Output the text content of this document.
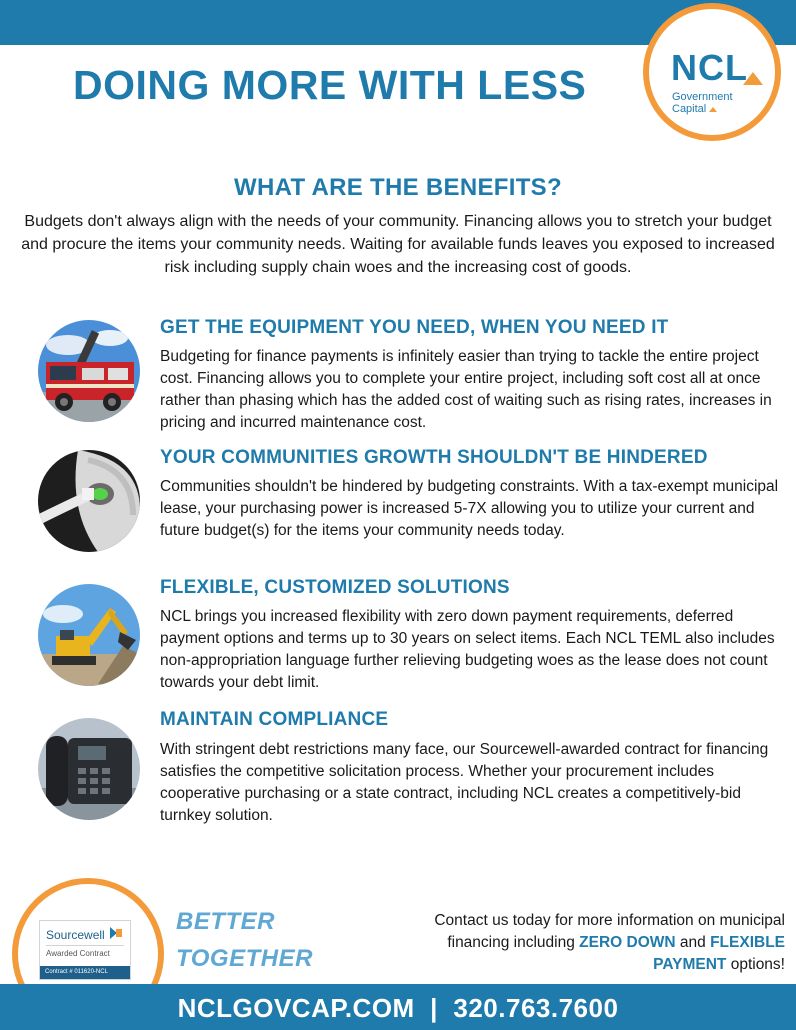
DOING MORE WITH LESS NCL
Government
Capital
WHAT ARE THE BENEFITS?
Budgets don't always align with the needs of your community. Financing allows you to stretch your budget and procure the items your community needs. Waiting for available funds leaves you exposed to increased risk including supply chain woes and the increasing cost of goods.
GET THE EQUIPMENT YOU NEED, WHEN YOU NEED IT
Budgeting for finance payments is infinitely easier than trying to tackle the entire project cost. Financing allows you to complete your entire project, including soft cost all at once rather than phasing which has the added cost of waiting such as rising rates, increases in pricing and incurred maintenance cost.
YOUR COMMUNITIES GROWTH SHOULDN'T BE HINDERED
Communities shouldn't be hindered by budgeting constraints. With a tax-exempt municipal lease, your purchasing power is increased 5-7X allowing you to utilize your current and future budget(s) for the items your community needs today.
FLEXIBLE, CUSTOMIZED SOLUTIONS
NCL brings you increased flexibility with zero down payment requirements, deferred payment options and terms up to 30 years on select items. Each NCL TEML also includes non-appropriation language further relieving budgeting woes as the lease does not count towards your debt limit.
MAINTAIN COMPLIANCE
With stringent debt restrictions many face, our Sourcewell-awarded contract for financing satisfies the competitive solicitation process. Whether your procurement includes cooperative purchasing or a state contract, including NCL creates a competitively-bid turnkey solution.
Sourcewell
Awarded Contract
Contract # 011620-NCL
BETTER
TOGETHER
Contact us today for more information on municipal financing including ZERO DOWN and FLEXIBLE PAYMENT options!
NCLGOVCAP.COM  |  320.763.7600
